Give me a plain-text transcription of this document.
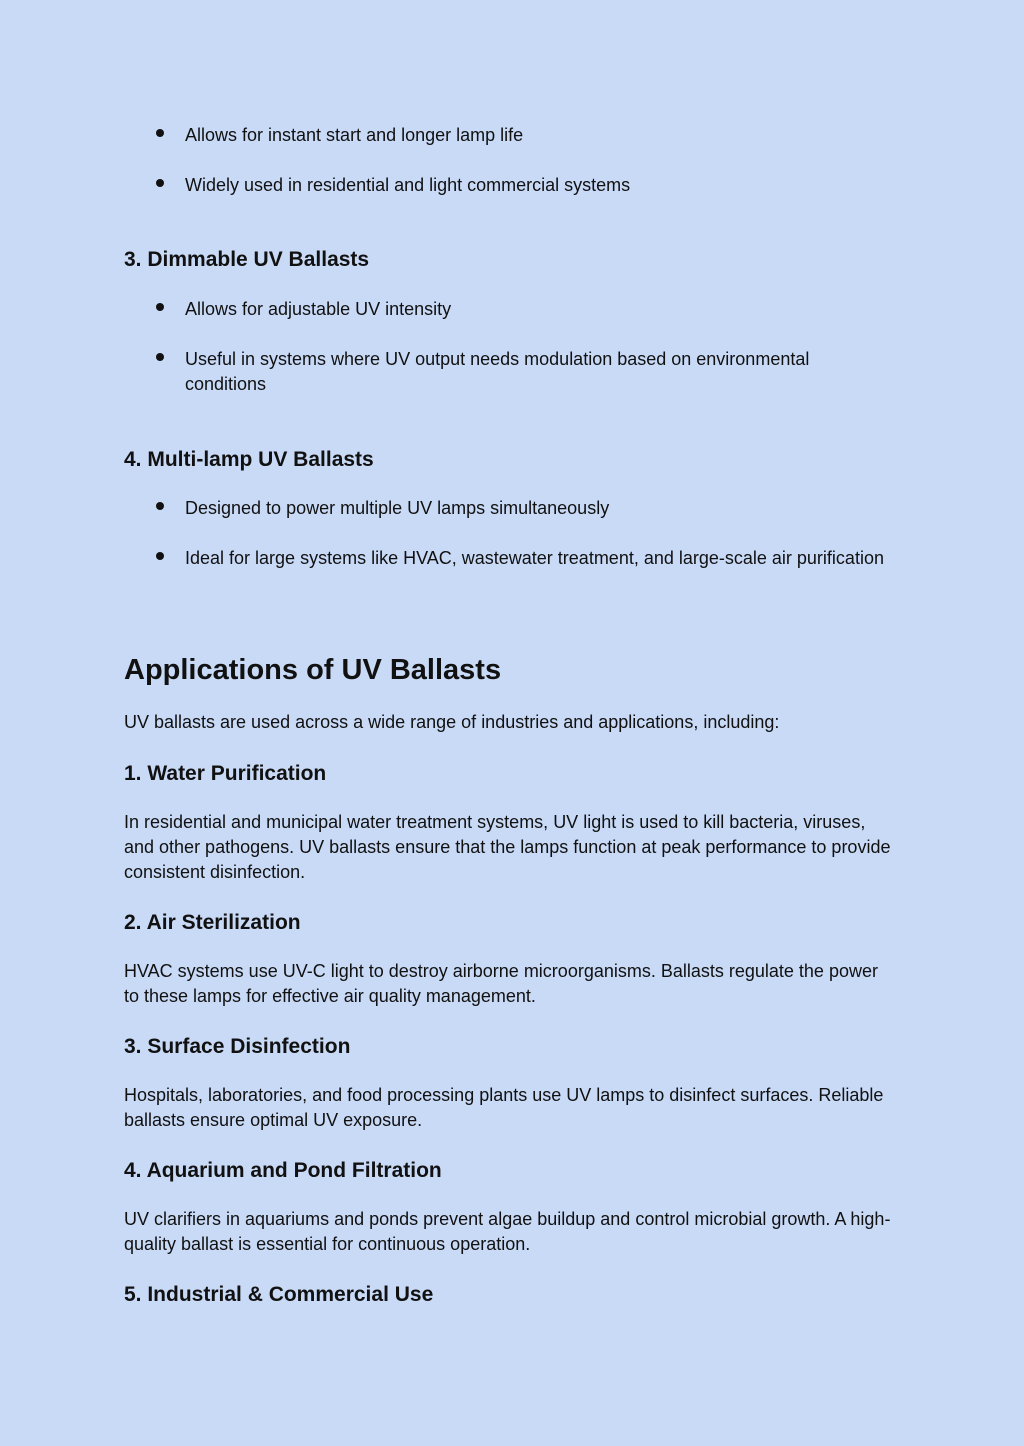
Allows for instant start and longer lamp life
Widely used in residential and light commercial systems
3. Dimmable UV Ballasts
Allows for adjustable UV intensity
Useful in systems where UV output needs modulation based on environmental conditions
4. Multi-lamp UV Ballasts
Designed to power multiple UV lamps simultaneously
Ideal for large systems like HVAC, wastewater treatment, and large-scale air purification
Applications of UV Ballasts
UV ballasts are used across a wide range of industries and applications, including:
1. Water Purification
In residential and municipal water treatment systems, UV light is used to kill bacteria, viruses, and other pathogens. UV ballasts ensure that the lamps function at peak performance to provide consistent disinfection.
2. Air Sterilization
HVAC systems use UV-C light to destroy airborne microorganisms. Ballasts regulate the power to these lamps for effective air quality management.
3. Surface Disinfection
Hospitals, laboratories, and food processing plants use UV lamps to disinfect surfaces. Reliable ballasts ensure optimal UV exposure.
4. Aquarium and Pond Filtration
UV clarifiers in aquariums and ponds prevent algae buildup and control microbial growth. A high-quality ballast is essential for continuous operation.
5. Industrial & Commercial Use
